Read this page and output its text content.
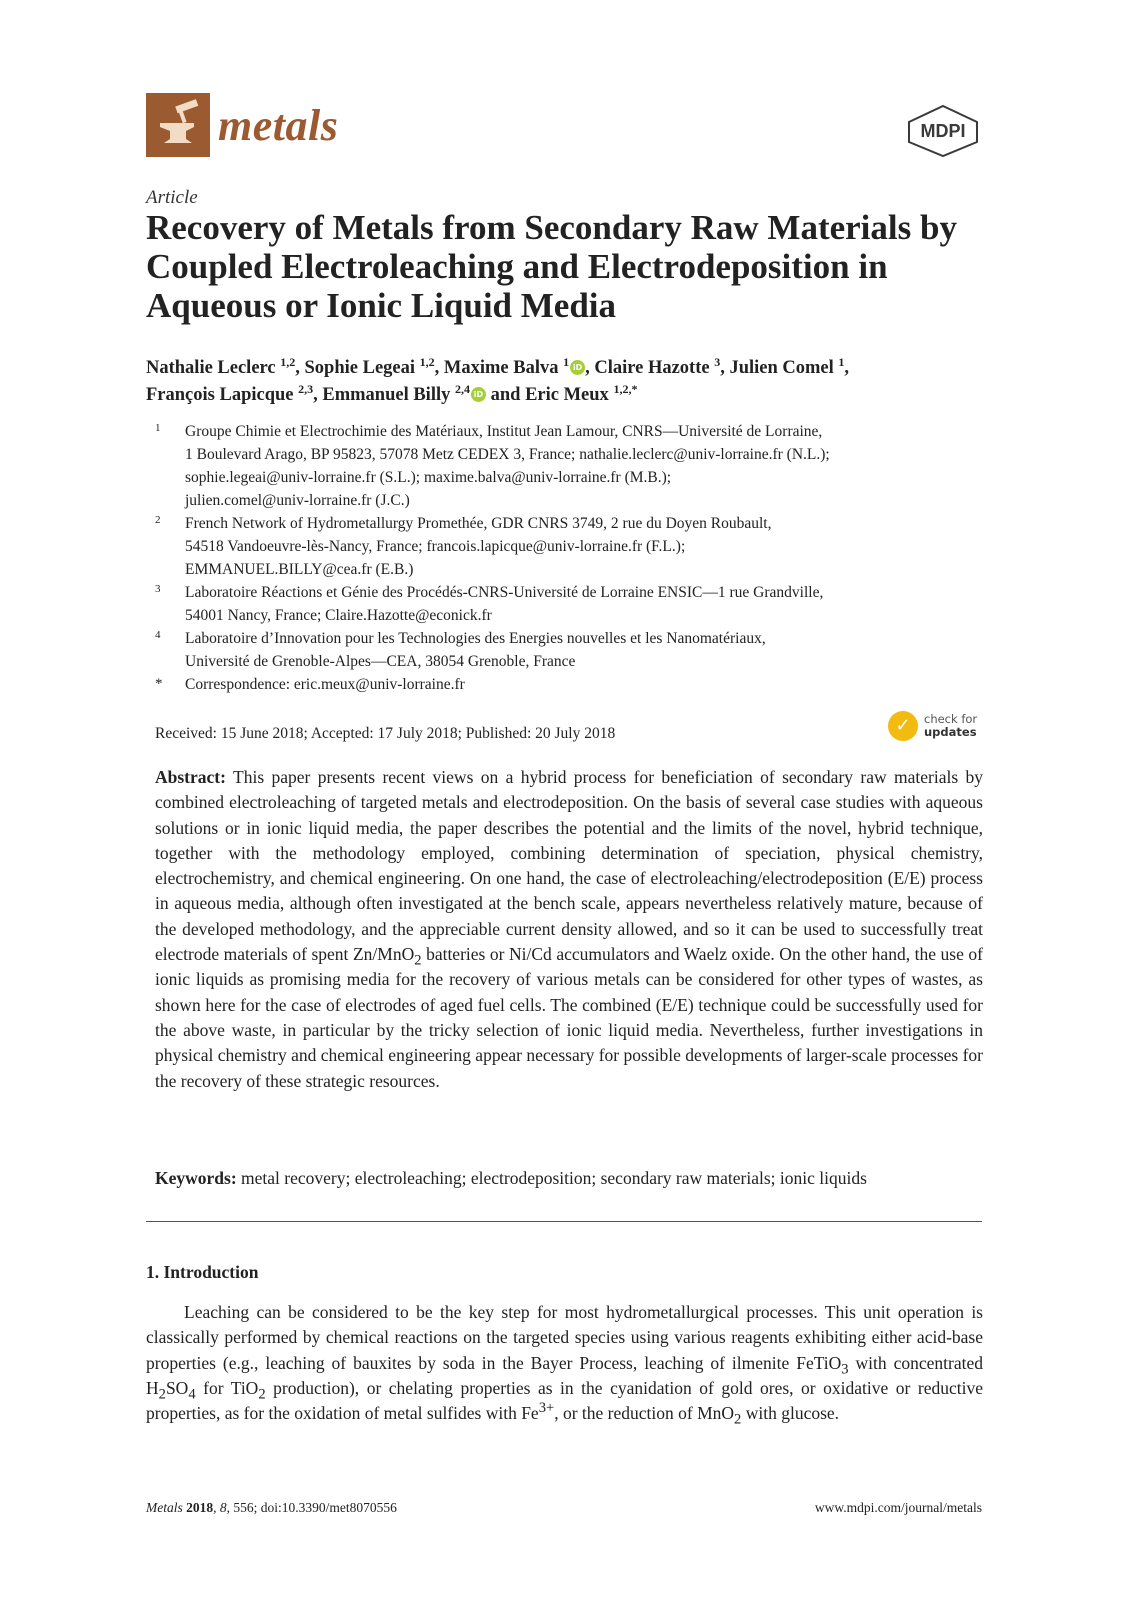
metals	MDPI
Article
Recovery of Metals from Secondary Raw Materials by Coupled Electroleaching and Electrodeposition in Aqueous or Ionic Liquid Media
Nathalie Leclerc $^{1,2}$, Sophie Legeai $^{1,2}$, Maxime Balva $^1$ iD , Claire Hazotte $^3$, Julien Comel $^1$,
François Lapicque $^{2,3}$, Emmanuel Billy $^{2,4}$ iD and Eric Meux $^{1,2,*}$
1	Groupe Chimie et Electrochimie des Matériaux, Institut Jean Lamour, CNRS—Université de Lorraine,
1 Boulevard Arago, BP 95823, 57078 Metz CEDEX 3, France; nathalie.leclerc@univ-lorraine.fr (N.L.);
sophie.legeai@univ-lorraine.fr (S.L.); maxime.balva@univ-lorraine.fr (M.B.);
julien.comel@univ-lorraine.fr (J.C.)
2	French Network of Hydrometallurgy Promethée, GDR CNRS 3749, 2 rue du Doyen Roubault,
54518 Vandoeuvre-lès-Nancy, France; francois.lapicque@univ-lorraine.fr (F.L.);
EMMANUEL.BILLY@cea.fr (E.B.)
3	Laboratoire Réactions et Génie des Procédés-CNRS-Université de Lorraine ENSIC—1 rue Grandville,
54001 Nancy, France; Claire.Hazotte@econick.fr
4	Laboratoire d’Innovation pour les Technologies des Energies nouvelles et les Nanomatériaux,
Université de Grenoble-Alpes—CEA, 38054 Grenoble, France
*	Correspondence: eric.meux@univ-lorraine.fr
Received: 15 June 2018; Accepted: 17 July 2018; Published: 20 July 2018	✓	check for
updates
Abstract: This paper presents recent views on a hybrid process for beneficiation of secondary raw materials by combined electroleaching of targeted metals and electrodeposition. On the basis of several case studies with aqueous solutions or in ionic liquid media, the paper describes the potential and the limits of the novel, hybrid technique, together with the methodology employed, combining determination of speciation, physical chemistry, electrochemistry, and chemical engineering. On one hand, the case of electroleaching/electrodeposition (E/E) process in aqueous media, although often investigated at the bench scale, appears nevertheless relatively mature, because of the developed methodology, and the appreciable current density allowed, and so it can be used to successfully treat electrode materials of spent Zn/MnO$_2$ batteries or Ni/Cd accumulators and Waelz oxide. On the other hand, the use of ionic liquids as promising media for the recovery of various metals can be considered for other types of wastes, as shown here for the case of electrodes of aged fuel cells. The combined (E/E) technique could be successfully used for the above waste, in particular by the tricky selection of ionic liquid media. Nevertheless, further investigations in physical chemistry and chemical engineering appear necessary for possible developments of larger-scale processes for the recovery of these strategic resources.
Keywords: metal recovery; electroleaching; electrodeposition; secondary raw materials; ionic liquids
1. Introduction
Leaching can be considered to be the key step for most hydrometallurgical processes. This unit operation is classically performed by chemical reactions on the targeted species using various reagents exhibiting either acid-base properties (e.g., leaching of bauxites by soda in the Bayer Process, leaching of ilmenite FeTiO$_3$ with concentrated $H_2SO_4$ for TiO$_2$ production), or chelating properties as in the cyanidation of gold ores, or oxidative or reductive properties, as for the oxidation of metal sulfides with $Fe^{3+}$, or the reduction of MnO$_2$ with glucose.
Metals 2018, 8, 556; doi:10.3390/met8070556	www.mdpi.com/journal/metals
